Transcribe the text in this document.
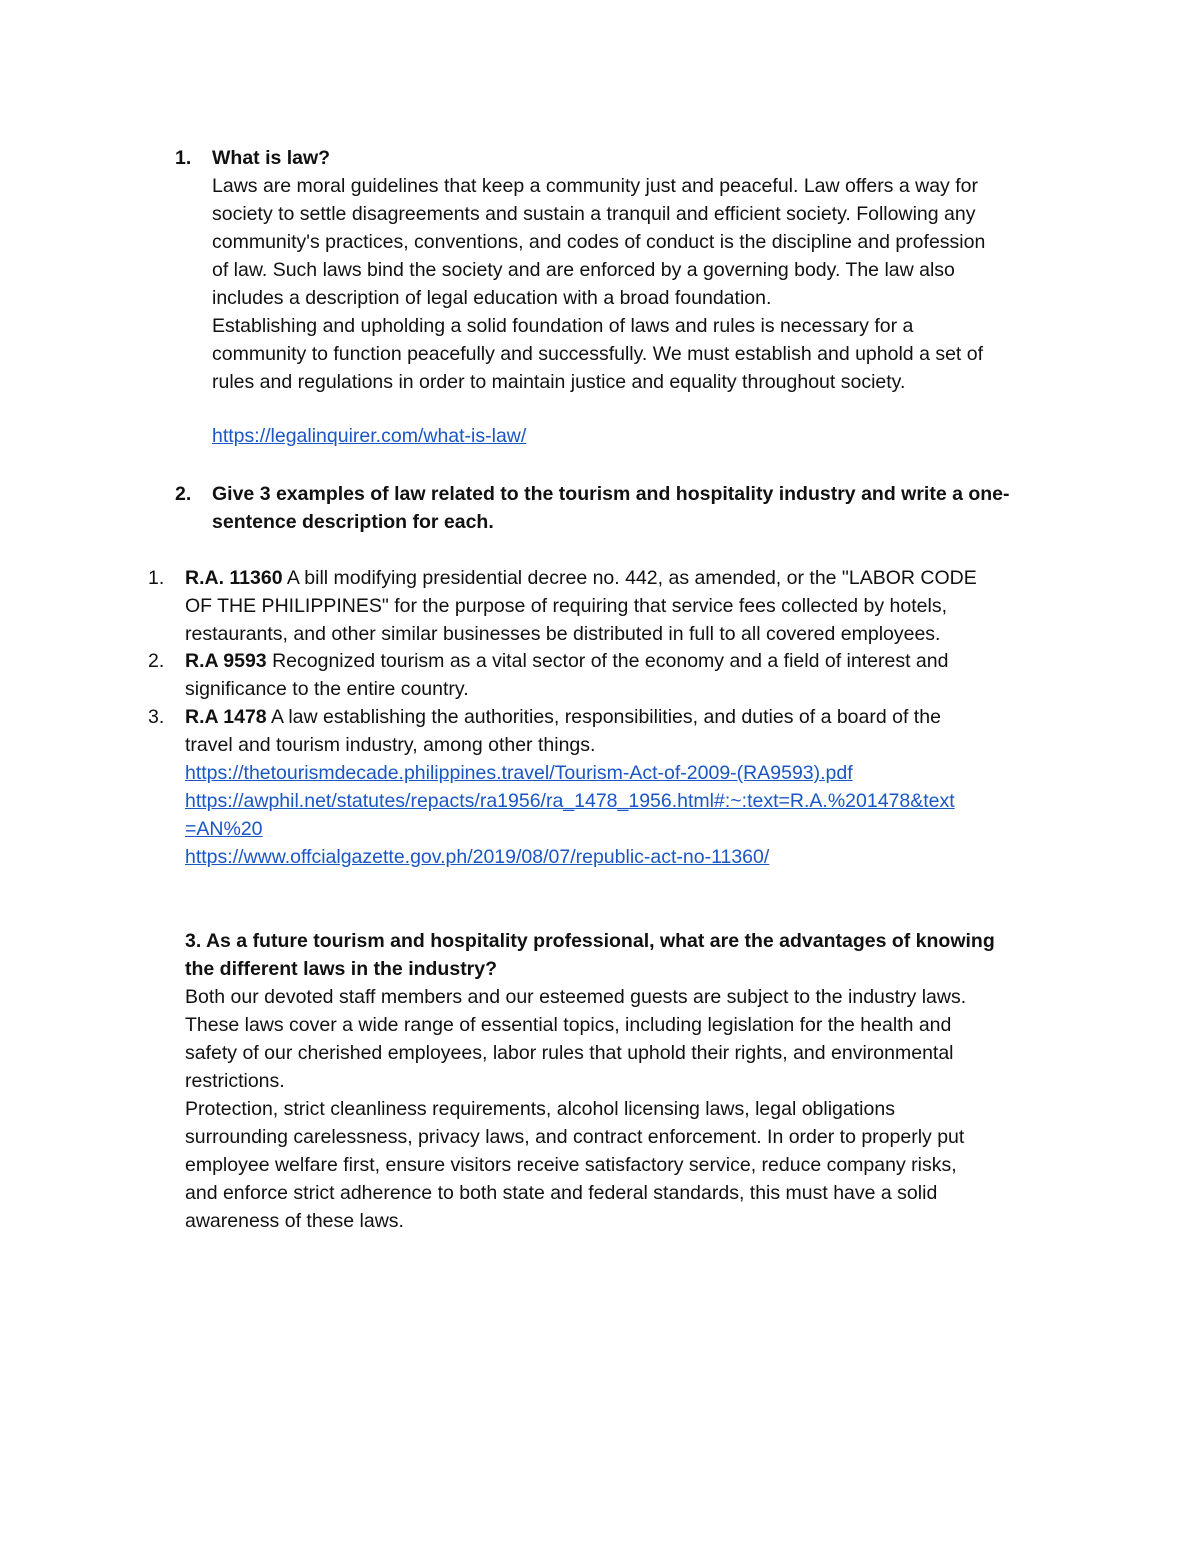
1. What is law?

Laws are moral guidelines that keep a community just and peaceful. Law offers a way for

society to settle disagreements and sustain a tranquil and efficient society. Following any

community's practices, conventions, and codes of conduct is the discipline and profession

of law. Such laws bind the society and are enforced by a governing body. The law also

includes a description of legal education with a broad foundation.

Establishing and upholding a solid foundation of laws and rules is necessary for a

community to function peacefully and successfully. We must establish and uphold a set of

rules and regulations in order to maintain justice and equality throughout society.

https://legalinquirer.com/what-is-law/
2. Give 3 examples of law related to the tourism and hospitality industry and write a one-

sentence description for each.

1. R.A. 11360 A bill modifying presidential decree no. 442, as amended, or the "LABOR CODE

OF THE PHILIPPINES" for the purpose of requiring that service fees collected by hotels,

restaurants, and other similar businesses be distributed in full to all covered employees.

2. R.A 9593 Recognized tourism as a vital sector of the economy and a field of interest and

significance to the entire country.

3. R.A 1478 A law establishing the authorities, responsibilities, and duties of a board of the

travel and tourism industry, among other things.

https://thetourismdecade.philippines.travel/Tourism-Act-of-2009-(RA9593).pdf
https://awphil.net/statutes/repacts/ra1956/ra_1478_1956.html#:~:text=R.A.%201478&text
=AN%20
https://www.offcialgazette.gov.ph/2019/08/07/republic-act-no-11360/

3. As a future tourism and hospitality professional, what are the advantages of knowing

the different laws in the industry?

Both our devoted staff members and our esteemed guests are subject to the industry laws.

These laws cover a wide range of essential topics, including legislation for the health and

safety of our cherished employees, labor rules that uphold their rights, and environmental

restrictions.

Protection, strict cleanliness requirements, alcohol licensing laws, legal obligations

surrounding carelessness, privacy laws, and contract enforcement. In order to properly put

employee welfare first, ensure visitors receive satisfactory service, reduce company risks,

and enforce strict adherence to both state and federal standards, this must have a solid

awareness of these laws.
